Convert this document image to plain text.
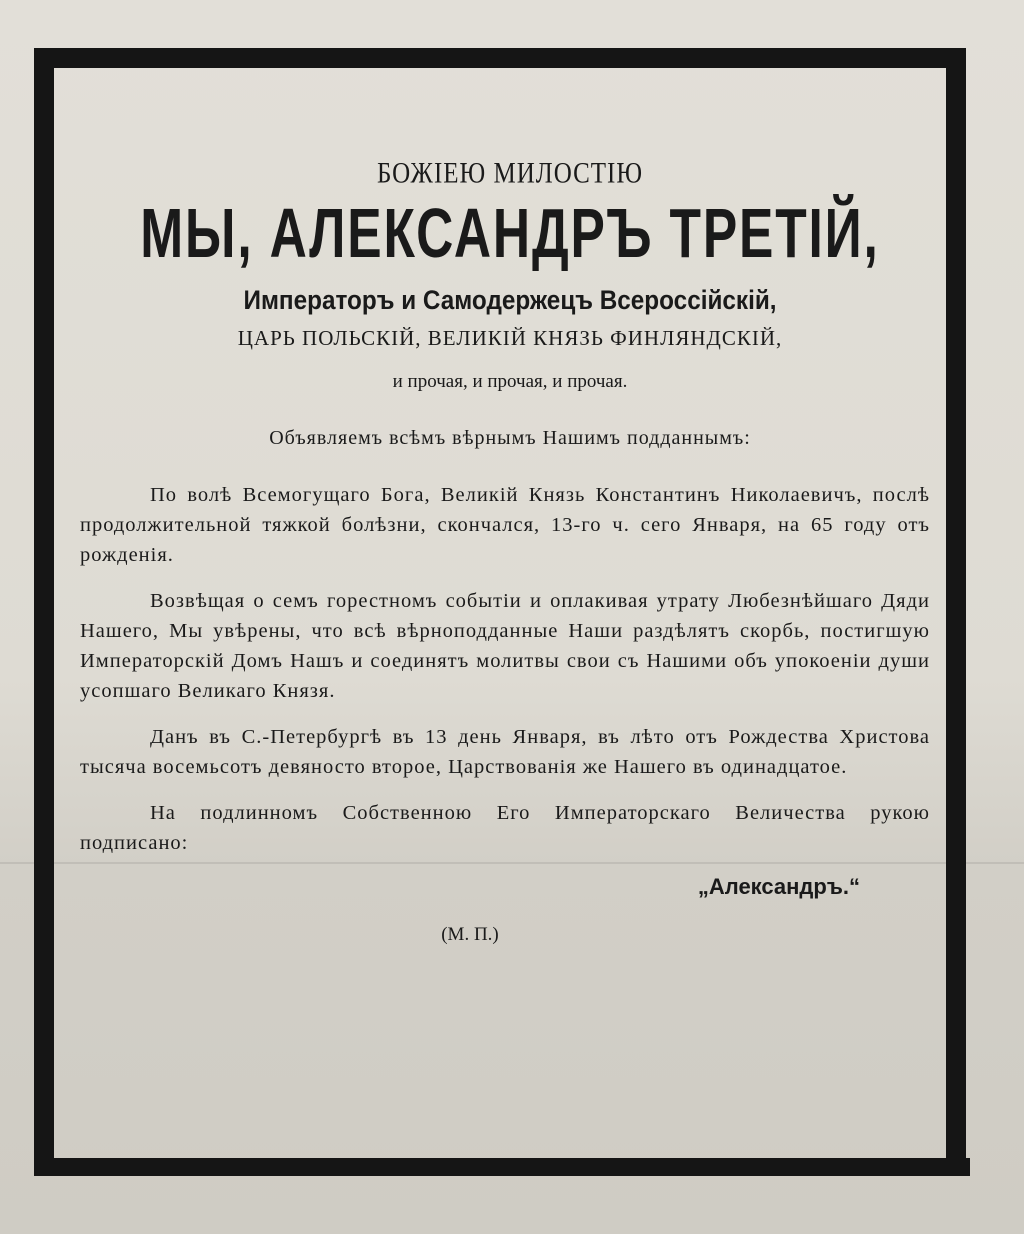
БОЖIЕЮ МИЛОСТIЮ
МЫ, АЛЕКСАНДРЪ ТРЕТIЙ,
Императоръ и Самодержецъ Всероссiйскiй,
ЦАРЬ ПОЛЬСКIЙ, ВЕЛИКIЙ КНЯЗЬ ФИНЛЯНДСКIЙ,
и прочая, и прочая, и прочая.
Объявляемъ всѣмъ вѣрнымъ Нашимъ подданнымъ:

По волѣ Всемогущаго Бога, Великiй Князь Константинъ Николаевичъ, послѣ продолжительной тяжкой болѣзни, скончался, 13-го ч. сего Января, на 65 году отъ рожденiя.

Возвѣщая о семъ горестномъ событiи и оплакивая утрату Любезнѣйшаго Дяди Нашего, Мы увѣрены, что всѣ вѣрноподданные Наши раздѣлятъ скорбь, постигшую Императорскiй Домъ Нашъ и соединятъ молитвы свои съ Нашими объ упокоенiи души усопшаго Великаго Князя.

Данъ въ С.-Петербургѣ въ 13 день Января, въ лѣто отъ Рождества Христова тысяча восемьсотъ девяносто второе, Царствованiя же Нашего въ одинадцатое.

На подлинномъ Собственною Его Императорскаго Величества рукою подписано:

„Александръ.“
(М. П.)
